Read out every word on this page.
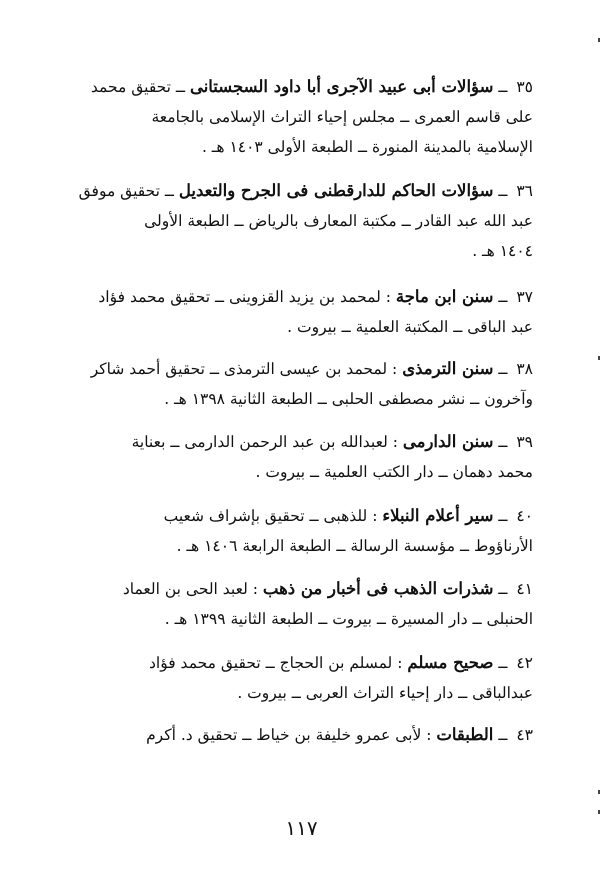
٣٥ ــ سؤالات أبى عبيد الآجرى أبا داود السجستانى ــ تحقيق محمد
على قاسم العمرى ــ مجلس إحياء التراث الإسلامى بالجامعة
الإسلامية بالمدينة المنورة ــ الطبعة الأولى ١٤٠٣ هـ .
٣٦ ــ سؤالات الحاكم للدارقطنى فى الجرح والتعديل ــ تحقيق موفق
عبد الله عبد القادر ــ مكتبة المعارف بالرياض ــ الطبعة الأولى
١٤٠٤ هـ .
٣٧ ــ سنن ابن ماجة : لمحمد بن يزيد القزوينى ــ تحقيق محمد فؤاد
عبد الباقى ــ المكتبة العلمية ــ بيروت .
٣٨ ــ سنن الترمذى : لمحمد بن عيسى الترمذى ــ تحقيق أحمد شاكر
وآخرون ــ نشر مصطفى الحلبى ــ الطبعة الثانية ١٣٩٨ هـ .
٣٩ ــ سنن الدارمى : لعبدالله بن عبد الرحمن الدارمى ــ بعناية
محمد دهمان ــ دار الكتب العلمية ــ بيروت .
٤٠ ــ سير أعلام النبلاء : للذهبى ــ تحقيق بإشراف شعيب
الأرناؤوط ــ مؤسسة الرسالة ــ الطبعة الرابعة ١٤٠٦ هـ .
٤١ ــ شذرات الذهب فى أخبار من ذهب : لعبد الحى بن العماد
الحنبلى ــ دار المسيرة ــ بيروت ــ الطبعة الثانية ١٣٩٩ هـ .
٤٢ ــ صحيح مسلم : لمسلم بن الحجاج ــ تحقيق محمد فؤاد
عبدالباقى ــ دار إحياء التراث العربى ــ بيروت .
٤٣ ــ الطبقات : لأبى عمرو خليفة بن خياط ــ تحقيق د. أكرم
١١٧
